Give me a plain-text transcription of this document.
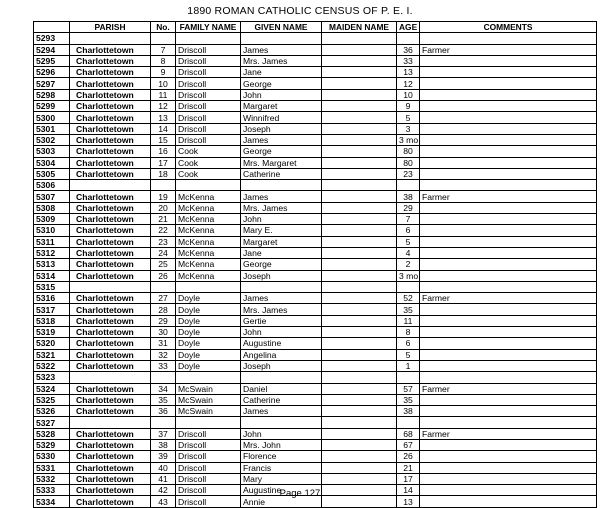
1890 ROMAN CATHOLIC CENSUS OF P. E. I.
	PARISH	No.	FAMILY NAME	GIVEN NAME	MAIDEN NAME	AGE	COMMENTS
5293							
5294	Charlottetown	7	Driscoll	James		36	Farmer
5295	Charlottetown	8	Driscoll	Mrs. James		33	
5296	Charlottetown	9	Driscoll	Jane		13	
5297	Charlottetown	10	Driscoll	George		12	
5298	Charlottetown	11	Driscoll	John		10	
5299	Charlottetown	12	Driscoll	Margaret		9	
5300	Charlottetown	13	Driscoll	Winnifred		5	
5301	Charlottetown	14	Driscoll	Joseph		3	
5302	Charlottetown	15	Driscoll	James		3 mo	
5303	Charlottetown	16	Cook	George		80	
5304	Charlottetown	17	Cook	Mrs. Margaret		80	
5305	Charlottetown	18	Cook	Catherine		23	
5306							
5307	Charlottetown	19	McKenna	James		38	Farmer
5308	Charlottetown	20	McKenna	Mrs. James		29	
5309	Charlottetown	21	McKenna	John		7	
5310	Charlottetown	22	McKenna	Mary E.		6	
5311	Charlottetown	23	McKenna	Margaret		5	
5312	Charlottetown	24	McKenna	Jane		4	
5313	Charlottetown	25	McKenna	George		2	
5314	Charlottetown	26	McKenna	Joseph		3 mo	
5315							
5316	Charlottetown	27	Doyle	James		52	Farmer
5317	Charlottetown	28	Doyle	Mrs. James		35	
5318	Charlottetown	29	Doyle	Gertie		11	
5319	Charlottetown	30	Doyle	John		8	
5320	Charlottetown	31	Doyle	Augustine		6	
5321	Charlottetown	32	Doyle	Angelina		5	
5322	Charlottetown	33	Doyle	Joseph		1	
5323							
5324	Charlottetown	34	McSwain	Daniel		57	Farmer
5325	Charlottetown	35	McSwain	Catherine		35	
5326	Charlottetown	36	McSwain	James		38	
5327							
5328	Charlottetown	37	Driscoll	John		68	Farmer
5329	Charlottetown	38	Driscoll	Mrs. John		67	
5330	Charlottetown	39	Driscoll	Florence		26	
5331	Charlottetown	40	Driscoll	Francis		21	
5332	Charlottetown	41	Driscoll	Mary		17	
5333	Charlottetown	42	Driscoll	Augustine		14	
5334	Charlottetown	43	Driscoll	Annie		13	
Page 127
